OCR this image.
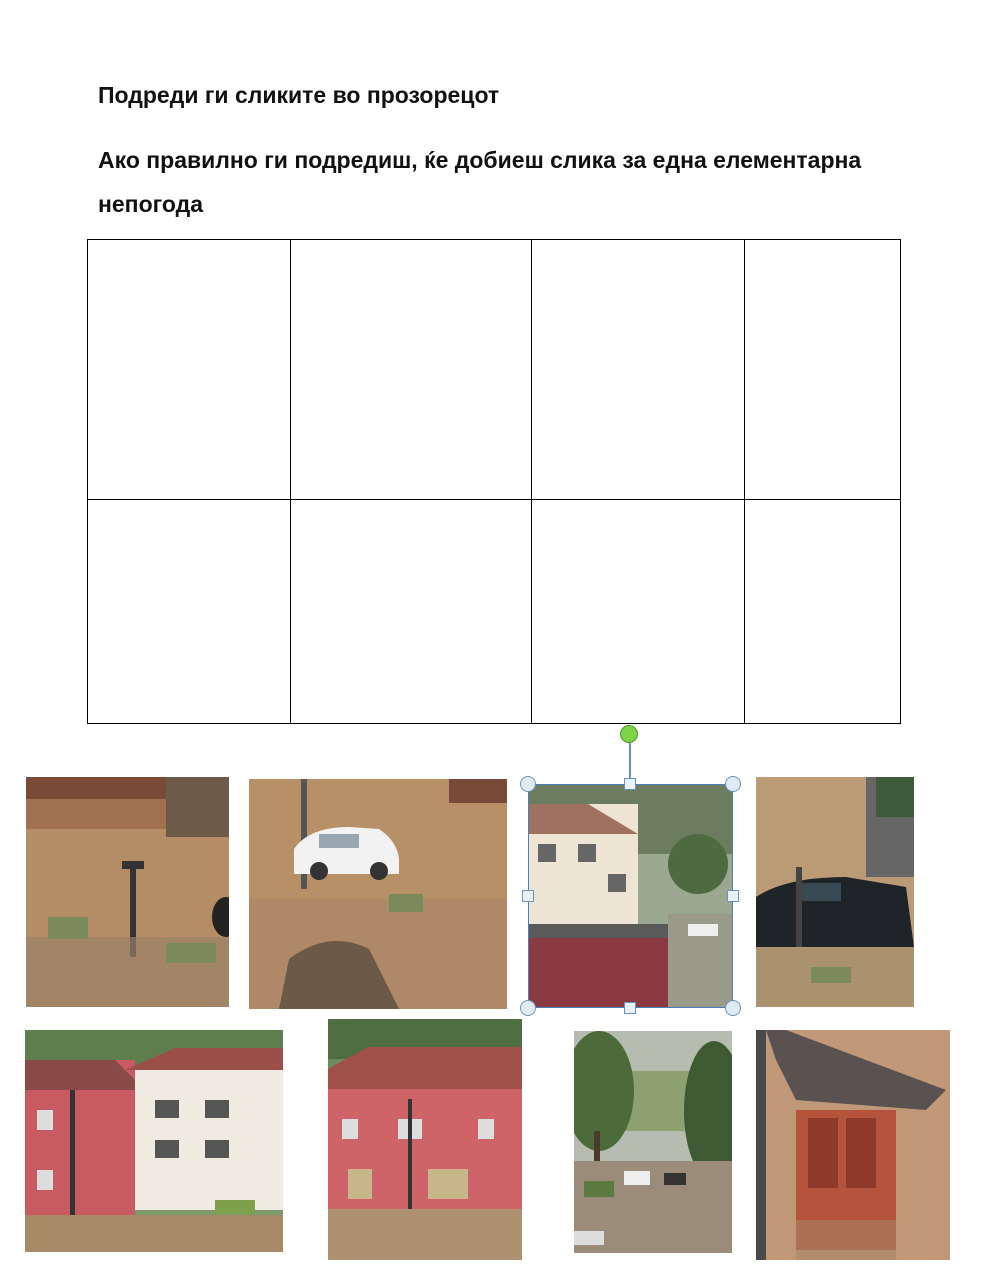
Подреди ги сликите во прозорецот
Ако правилно ги подредиш, ќе добиеш слика за една елементарна непогода
